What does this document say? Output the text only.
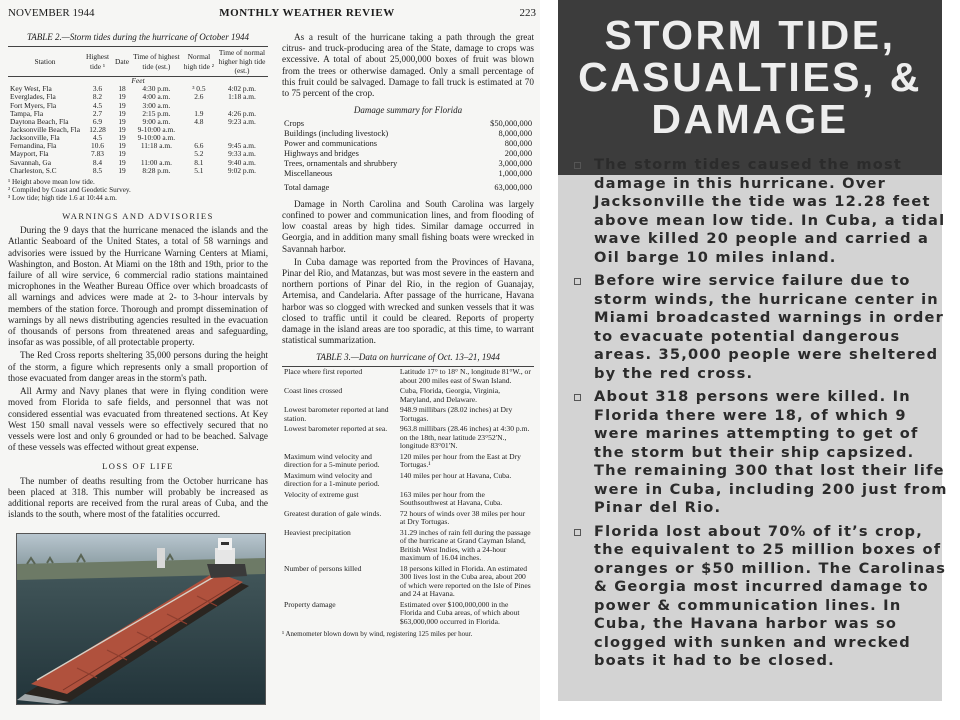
NOVEMBER 1944	MONTHLY WEATHER REVIEW	223
TABLE 2.—Storm tides during the hurricane of October 1944
Station	Highest tide ¹	Date	Time of highest tide (est.)	Normal high tide ²	Time of normal higher high tide (est.)
Feet					
Key West, Fla	3.6	18	4:30 p.m.	³ 0.5	4:02 p.m.
Everglades, Fla	8.2	19	4:00 a.m.	2.6	1:18 a.m.
Fort Myers, Fla	4.5	19	3:00 a.m.		
Tampa, Fla	2.7	19	2:15 p.m.	1.9	4:26 p.m.
Daytona Beach, Fla	6.9	19	9:00 a.m.	4.8	9:23 a.m.
Jacksonville Beach, Fla	12.28	19	9-10:00 a.m.		
Jacksonville, Fla	4.5	19	9-10:00 a.m.		
Fernandina, Fla	10.6	19	11:18 a.m.	6.6	9:45 a.m.
Mayport, Fla	7.83	19		5.2	9:33 a.m.
Savannah, Ga	8.4	19	11:00 a.m.	8.1	9:40 a.m.
Charleston, S.C	8.5	19	8:28 p.m.	5.1	9:02 p.m.
¹ Height above mean low tide.
² Compiled by Coast and Geodetic Survey.
³ Low tide; high tide 1.6 at 10:44 a.m.
WARNINGS AND ADVISORIES

During the 9 days that the hurricane menaced the islands and the Atlantic Seaboard of the United States, a total of 58 warnings and advisories were issued by the Hurricane Warning Centers at Miami, Washington, and Boston. At Miami on the 18th and 19th, prior to the failure of all wire service, 6 commercial radio stations maintained microphones in the Weather Bureau Office over which broadcasts of all warnings and advices were made at 2- to 3-hour intervals by members of the station force. Thorough and prompt dissemination of warnings by all news distributing agencies resulted in the evacuation of thousands of persons from threatened areas and safeguarding, insofar as was possible, of all protectable property.

The Red Cross reports sheltering 35,000 persons during the height of the storm, a figure which represents only a small proportion of those evacuated from danger areas in the storm's path.

All Army and Navy planes that were in flying condition were moved from Florida to safe fields, and personnel that was not considered essential was evacuated from threatened sections. At Key West 150 small naval vessels were so effectively secured that no vessels were lost and only 6 grounded or had to be beached. Salvage of these vessels was effected without great expense.

LOSS OF LIFE

The number of deaths resulting from the October hurricane has been placed at 318. This number will probably be increased as additional reports are received from the rural areas of Cuba, and the islands to the south, where most of the fatalities occurred.

As a result of the hurricane taking a path through the great citrus- and truck-producing area of the State, damage to crops was excessive. A total of about 25,000,000 boxes of fruit was blown from the trees or otherwise damaged. Only a small percentage of this fruit could be salvaged. Damage to fall truck is estimated at 70 to 75 percent of the crop.

Damage summary for Florida
Crops	$50,000,000
Buildings (including livestock)	8,000,000
Power and communications	800,000
Highways and bridges	200,000
Trees, ornamentals and shrubbery	3,000,000
Miscellaneous	1,000,000
Total damage	63,000,000

Damage in North Carolina and South Carolina was largely confined to power and communication lines, and from flooding of low coastal areas by high tides. Similar damage occurred in Georgia, and in addition many small fishing boats were wrecked in Savannah harbor.

In Cuba damage was reported from the Provinces of Havana, Pinar del Rio, and Matanzas, but was most severe in the eastern and northern portions of Pinar del Rio, in the region of Guanajay, Artemisa, and Candelaria. After passage of the hurricane, Havana harbor was so clogged with wrecked and sunken vessels that it was closed to traffic until it could be cleared. Reports of property damage in the island areas are too sporadic, at this time, to warrant statistical summarization.

TABLE 3.—Data on hurricane of Oct. 13–21, 1944
Place where first reported	Latitude 17° to 18° N., longitude 81°W., or about 200 miles east of Swan Island.
Coast lines crossed	Cuba, Florida, Georgia, Virginia, Maryland, and Delaware.
Lowest barometer reported at land station.	948.9 millibars (28.02 inches) at Dry Tortugas.
Lowest barometer reported at sea.	963.8 millibars (28.46 inches) at 4:30 p.m. on the 18th, near latitude 23°52'N., longitude 83°01'N.
Maximum wind velocity and direction for a 5-minute period.	120 miles per hour from the East at Dry Tortugas.¹
Maximum wind velocity and direction for a 1-minute period.	140 miles per hour at Havana, Cuba.
Velocity of extreme gust	163 miles per hour from the Southsouthwest at Havana, Cuba.
Greatest duration of gale winds.	72 hours of winds over 38 miles per hour at Dry Tortugas.
Heaviest precipitation	31.29 inches of rain fell during the passage of the hurricane at Grand Cayman Island, British West Indies, with a 24-hour maximum of 16.04 inches.
Number of persons killed	18 persons killed in Florida. An estimated 300 lives lost in the Cuba area, about 200 of which were reported on the Isle of Pines and 24 at Havana.
Property damage	Estimated over $100,000,000 in the Florida and Cuba areas, of which about $63,000,000 occurred in Florida.
¹ Anemometer blown down by wind, registering 125 miles per hour.
STORM TIDE, CASUALTIES, & DAMAGE
The storm tides caused the most damage in this hurricane. Over Jacksonville the tide was 12.28 feet above mean low tide. In Cuba, a tidal wave killed 20 people and carried a Oil barge 10 miles inland.
Before wire service failure due to storm winds, the hurricane center in Miami broadcasted warnings in order to evacuate potential dangerous areas. 35,000 people were sheltered by the red cross.
About 318 persons were killed. In Florida there were 18, of which 9 were marines attempting to get of the storm but their ship capsized. The remaining 300 that lost their life were in Cuba, including 200 just from Pinar del Rio.
Florida lost about 70% of it’s crop, the equivalent to 25 million boxes of oranges or $50 million. The Carolinas & Georgia most incurred damage to power & communication lines. In Cuba, the Havana harbor was so clogged with sunken and wrecked boats it had to be closed.
